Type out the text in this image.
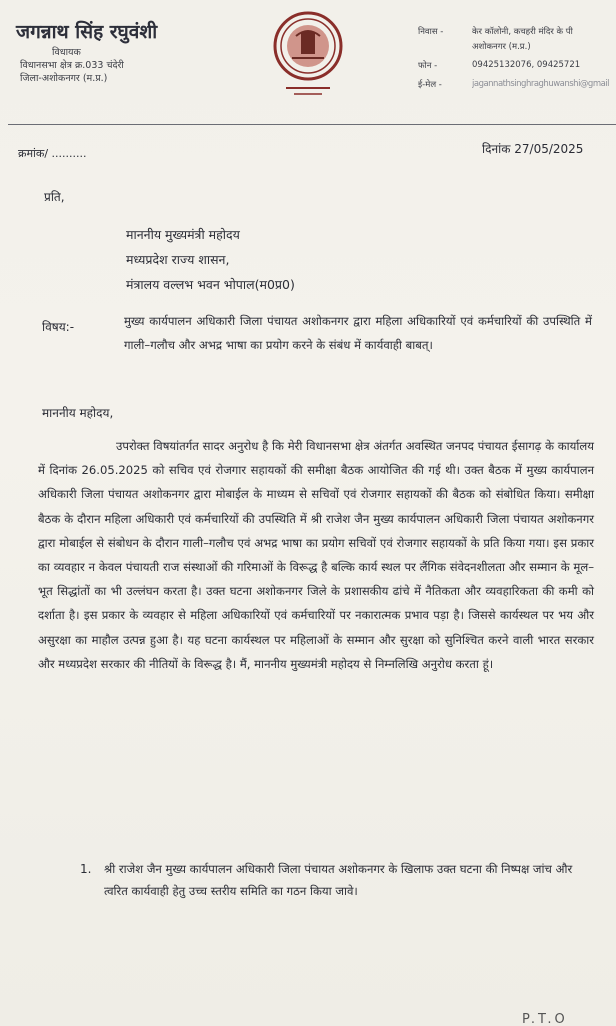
जगन्नाथ सिंह रघुवंशी
विधायक
विधानसभा क्षेत्र क्र.033 चंदेरी
जिला-अशोकनगर (म.प्र.)
निवास -	केर कॉलोनी, कचहरी मंदिर के पी
अशोकनगर (म.प्र.)
फोन -	09425132076, 09425721
ई-मेल -	jagannathsinghraghuwanshi@gmail
क्रमांक/ ..........	दिनांक 27/05/2025
प्रति,
माननीय मुख्यमंत्री महोदय
मध्यप्रदेश राज्य शासन,
मंत्रालय वल्लभ भवन भोपाल(म0प्र0)
विषय:-	मुख्य कार्यपालन अधिकारी जिला पंचायत अशोकनगर द्वारा महिला अधिकारियों एवं कर्मचारियों की उपस्थिति में गाली–गलौच और अभद्र भाषा का प्रयोग करने के संबंध में कार्यवाही बाबत्।
माननीय महोदय,
उपरोक्त विषयांतर्गत सादर अनुरोध है कि मेरी विधानसभा क्षेत्र अंतर्गत अवस्थित जनपद पंचायत ईसागढ़ के कार्यालय में दिनांक 26.05.2025 को सचिव एवं रोजगार सहायकों की समीक्षा बैठक आयोजित की गई थी। उक्त बैठक में मुख्य कार्यपालन अधिकारी जिला पंचायत अशोकनगर द्वारा मोबाईल के माध्यम से सचिवों एवं रोजगार सहायकों की बैठक को संबोधित किया। समीक्षा बैठक के दौरान महिला अधिकारी एवं कर्मचारियों की उपस्थिति में श्री राजेश जैन मुख्य कार्यपालन अधिकारी जिला पंचायत अशोकनगर द्वारा मोबाईल से संबोधन के दौरान गाली–गलौच एवं अभद्र भाषा का प्रयोग सचिवों एवं रोजगार सहायकों के प्रति किया गया। इस प्रकार का व्यवहार न केवल पंचायती राज संस्थाओं की गरिमाओं के विरूद्ध है बल्कि कार्य स्थल पर लैंगिक संवेदनशीलता और सम्मान के मूल–भूत सिद्धांतों का भी उल्लंघन करता है। उक्त घटना अशोकनगर जिले के प्रशासकीय ढांचे में नैतिकता और व्यवहारिकता की कमी को दर्शाता है। इस प्रकार के व्यवहार से महिला अधिकारियों एवं कर्मचारियों पर नकारात्मक प्रभाव पड़ा है। जिससे कार्यस्थल पर भय और असुरक्षा का माहौल उत्पन्न हुआ है। यह घटना कार्यस्थल पर महिलाओं के सम्मान और सुरक्षा को सुनिश्चित करने वाली भारत सरकार और मध्यप्रदेश सरकार की नीतियों के विरूद्ध है। मैं, माननीय मुख्यमंत्री महोदय से निम्नलिखि अनुरोध करता हूं।
1. श्री राजेश जैन मुख्य कार्यपालन अधिकारी जिला पंचायत अशोकनगर के खिलाफ उक्त घटना की निष्पक्ष जांच और त्वरित कार्यवाही हेतु उच्च स्तरीय समिति का गठन किया जावे।
P.T.O
